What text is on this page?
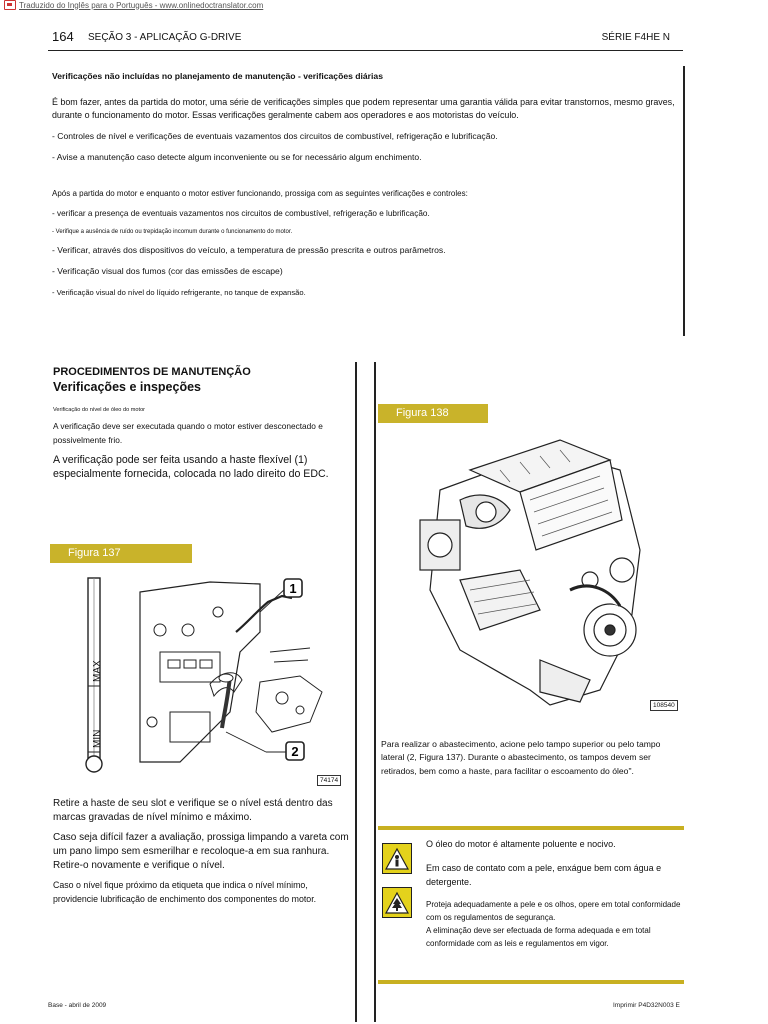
Traduzido do Inglês para o Português - www.onlinedoctranslator.com
164 SEÇÃO 3 - APLICAÇÃO G-DRIVE	SÉRIE F4HE N
Verificações não incluídas no planejamento de manutenção - verificações diárias
É bom fazer, antes da partida do motor, uma série de verificações simples que podem representar uma garantia válida para evitar transtornos, mesmo graves, durante o funcionamento do motor. Essas verificações geralmente cabem aos operadores e aos motoristas do veículo.
- Controles de nível e verificações de eventuais vazamentos dos circuitos de combustível, refrigeração e lubrificação.
- Avise a manutenção caso detecte algum inconveniente ou se for necessário algum enchimento.
Após a partida do motor e enquanto o motor estiver funcionando, prossiga com as seguintes verificações e controles:
- verificar a presença de eventuais vazamentos nos circuitos de combustível, refrigeração e lubrificação.
- Verifique a ausência de ruído ou trepidação incomum durante o funcionamento do motor.
- Verificar, através dos dispositivos do veículo, a temperatura de pressão prescrita e outros parâmetros.
- Verificação visual dos fumos (cor das emissões de escape)
- Verificação visual do nível do líquido refrigerante, no tanque de expansão.
PROCEDIMENTOS DE MANUTENÇÃO
Verificações e inspeções
Verificação do nível de óleo do motor
A verificação deve ser executada quando o motor estiver desconectado e possivelmente frio.
A verificação pode ser feita usando a haste flexível (1) especialmente fornecida, colocada no lado direito do EDC.
Figura 137
MAX
MIN
1
2
74174
Retire a haste de seu slot e verifique se o nível está dentro das marcas gravadas de nível mínimo e máximo.
Caso seja difícil fazer a avaliação, prossiga limpando a vareta com um pano limpo sem esmerilhar e recoloque-a em sua ranhura. Retire-o novamente e verifique o nível.
Caso o nível fique próximo da etiqueta que indica o nível mínimo, providencie lubrificação de enchimento dos componentes do motor.
Figura 138
108540
Para realizar o abastecimento, acione pelo tampo superior ou pelo tampo lateral (2, Figura 137). Durante o abastecimento, os tampos devem ser retirados, bem como a haste, para facilitar o escoamento do óleo".
O óleo do motor é altamente poluente e nocivo.
Em caso de contato com a pele, enxágue bem com água e detergente.
Proteja adequadamente a pele e os olhos, opere em total conformidade com os regulamentos de segurança.
A eliminação deve ser efectuada de forma adequada e em total conformidade com as leis e regulamentos em vigor.
Base - abril de 2009	Imprimir P4D32N003 E
